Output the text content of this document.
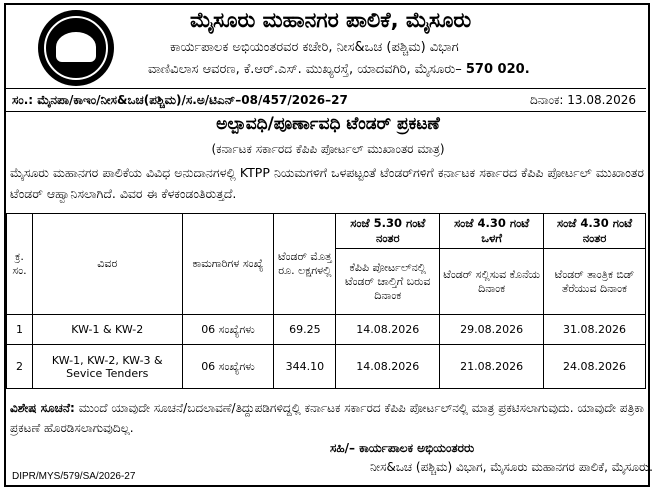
ಮೈಸೂರು ಮಹಾನಗರ ಪಾಲಿಕೆ, ಮೈಸೂರು
ಕಾರ್ಯಪಾಲಕ ಅಭಿಯಂತರವರ ಕಚೇರಿ, ನೀಸ&ಒಚ (ಪಶ್ಚಿಮ) ವಿಭಾಗ
ವಾಣಿವಿಲಾಸ ಆವರಣ, ಕೆ.ಆರ್.ಎಸ್. ಮುಖ್ಯರಸ್ತೆ, ಯಾದವಗಿರಿ, ಮೈಸೂರು– 570 020.
ಸಂ.: ಮೈನಪಾ/ಕಾಇಂ/ನೀಸ&ಒಚ(ಪಶ್ಚಿಮ)/ಸ.ಅ/ಟಿಎನ್–08/457/2026–27	ದಿನಾಂಕ: 13.08.2026
ಅಲ್ಪಾವಧಿ/ಪೂರ್ಣಾವಧಿ ಟೆಂಡರ್ ಪ್ರಕಟಣೆ
(ಕರ್ನಾಟಕ ಸರ್ಕಾರದ ಕೆಪಿಪಿ ಪೋರ್ಟಲ್ ಮುಖಾಂತರ ಮಾತ್ರ)
ಮೈಸೂರು ಮಹಾನಗರ ಪಾಲಿಕೆಯ ವಿವಿಧ ಅನುದಾನಗಳಲ್ಲಿ KTPP ನಿಯಮಗಳಿಗೆ ಒಳಪಟ್ಟಂತೆ ಟೆಂಡರ್‌ಗಳಿಗೆ ಕರ್ನಾಟಕ ಸರ್ಕಾರದ ಕೆಪಿಪಿ ಪೋರ್ಟಲ್ ಮುಖಾಂತರ ಟೆಂಡರ್ ಆಹ್ವಾನಿಸಲಾಗಿದೆ. ವಿವರ ಈ ಕೆಳಕಂಡಂತಿರುತ್ತದೆ.
ಕ್ರ. ಸಂ.	ವಿವರ	ಕಾಮಗಾರಿಗಳ ಸಂಖ್ಯೆ	ಟೆಂಡರ್ ಮೊತ್ತ ರೂ. ಲಕ್ಷಗಳಲ್ಲಿ	ಸಂಜೆ 5.30 ಗಂಟೆ ನಂತರ	ಸಂಜೆ 4.30 ಗಂಟೆ ಒಳಗೆ	ಸಂಜೆ 4.30 ಗಂಟೆ ನಂತರ
				ಕೆಪಿಪಿ ಪೋರ್ಟಲ್‌ನಲ್ಲಿ ಟೆಂಡರ್ ಚಾಲ್ತಿಗೆ ಬರುವ ದಿನಾಂಕ	ಟೆಂಡರ್ ಸಲ್ಲಿಸುವ ಕೊನೆಯ ದಿನಾಂಕ	ಟೆಂಡರ್ ತಾಂತ್ರಿಕ ಬಿಡ್ ತೆರೆಯುವ ದಿನಾಂಕ
1	KW-1 & KW-2	06 ಸಂಖ್ಯೆಗಳು	69.25	14.08.2026	29.08.2026	31.08.2026
2	KW-1, KW-2, KW-3 & Sevice Tenders	06 ಸಂಖ್ಯೆಗಳು	344.10	14.08.2026	21.08.2026	24.08.2026
ವಿಶೇಷ ಸೂಚನೆ: ಮುಂದೆ ಯಾವುದೇ ಸೂಚನೆ/ಬದಲಾವಣೆ/ತಿದ್ದುಪಡಿಗಳಿದ್ದಲ್ಲಿ ಕರ್ನಾಟಕ ಸರ್ಕಾರದ ಕೆಪಿಪಿ ಪೋರ್ಟಲ್‌ನಲ್ಲಿ ಮಾತ್ರ ಪ್ರಕಟಿಸಲಾಗುವುದು. ಯಾವುದೇ ಪತ್ರಿಕಾ ಪ್ರಕಟಣೆ ಹೊರಡಿಸಲಾಗುವುದಿಲ್ಲ.
ಸಹಿ/– ಕಾರ್ಯಪಾಲಕ ಅಭಿಯಂತರರು
ನೀಸ&ಒಚ (ಪಶ್ಚಿಮ) ವಿಭಾಗ, ಮೈಸೂರು ಮಹಾನಗರ ಪಾಲಿಕೆ, ಮೈಸೂರು.
DIPR/MYS/579/SA/2026-27
